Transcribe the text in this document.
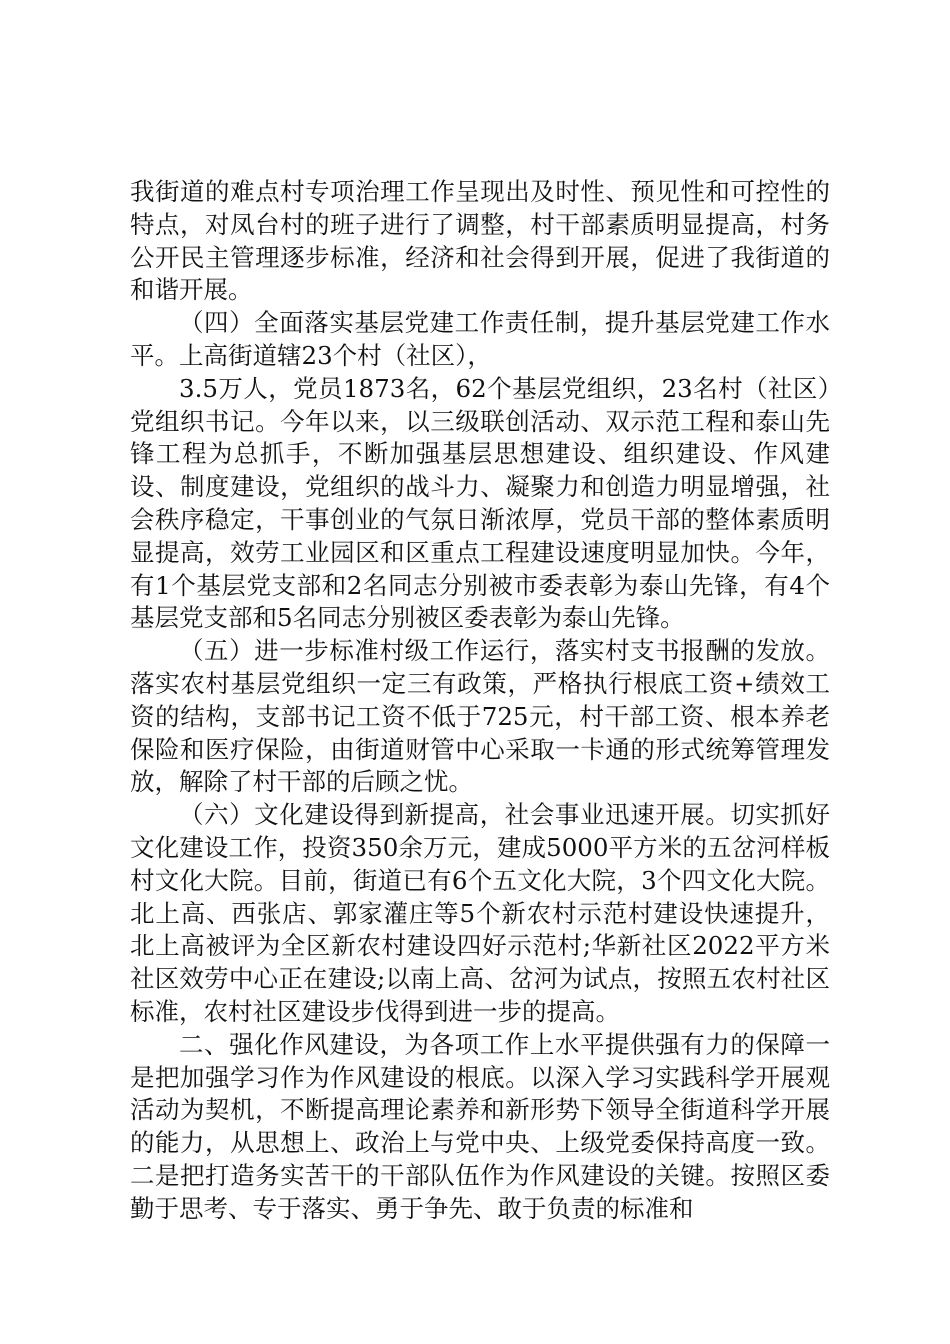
我街道的难点村专项治理工作呈现出及时性、预见性和可控性的特点，对凤台村的班子进行了调整，村干部素质明显提高，村务公开民主管理逐步标准，经济和社会得到开展，促进了我街道的和谐开展。

（四）全面落实基层党建工作责任制，提升基层党建工作水平。上高街道辖23个村（社区），

3.5万人，党员1873名，62个基层党组织，23名村（社区）党组织书记。今年以来，以三级联创活动、双示范工程和泰山先锋工程为总抓手，不断加强基层思想建设、组织建设、作风建设、制度建设，党组织的战斗力、凝聚力和创造力明显增强，社会秩序稳定，干事创业的气氛日渐浓厚，党员干部的整体素质明显提高，效劳工业园区和区重点工程建设速度明显加快。今年，有1个基层党支部和2名同志分别被市委表彰为泰山先锋，有4个基层党支部和5名同志分别被区委表彰为泰山先锋。

（五）进一步标准村级工作运行，落实村支书报酬的发放。落实农村基层党组织一定三有政策，严格执行根底工资+绩效工资的结构，支部书记工资不低于725元，村干部工资、根本养老保险和医疗保险，由街道财管中心采取一卡通的形式统筹管理发放，解除了村干部的后顾之忧。

（六）文化建设得到新提高，社会事业迅速开展。切实抓好文化建设工作，投资350余万元，建成5000平方米的五岔河样板村文化大院。目前，街道已有6个五文化大院，3个四文化大院。北上高、西张店、郭家灌庄等5个新农村示范村建设快速提升，北上高被评为全区新农村建设四好示范村;华新社区2022平方米社区效劳中心正在建设;以南上高、岔河为试点，按照五农村社区标准，农村社区建设步伐得到进一步的提高。

二、强化作风建设，为各项工作上水平提供强有力的保障一是把加强学习作为作风建设的根底。以深入学习实践科学开展观活动为契机，不断提高理论素养和新形势下领导全街道科学开展的能力，从思想上、政治上与党中央、上级党委保持高度一致。二是把打造务实苦干的干部队伍作为作风建设的关键。按照区委勤于思考、专于落实、勇于争先、敢于负责的标准和
